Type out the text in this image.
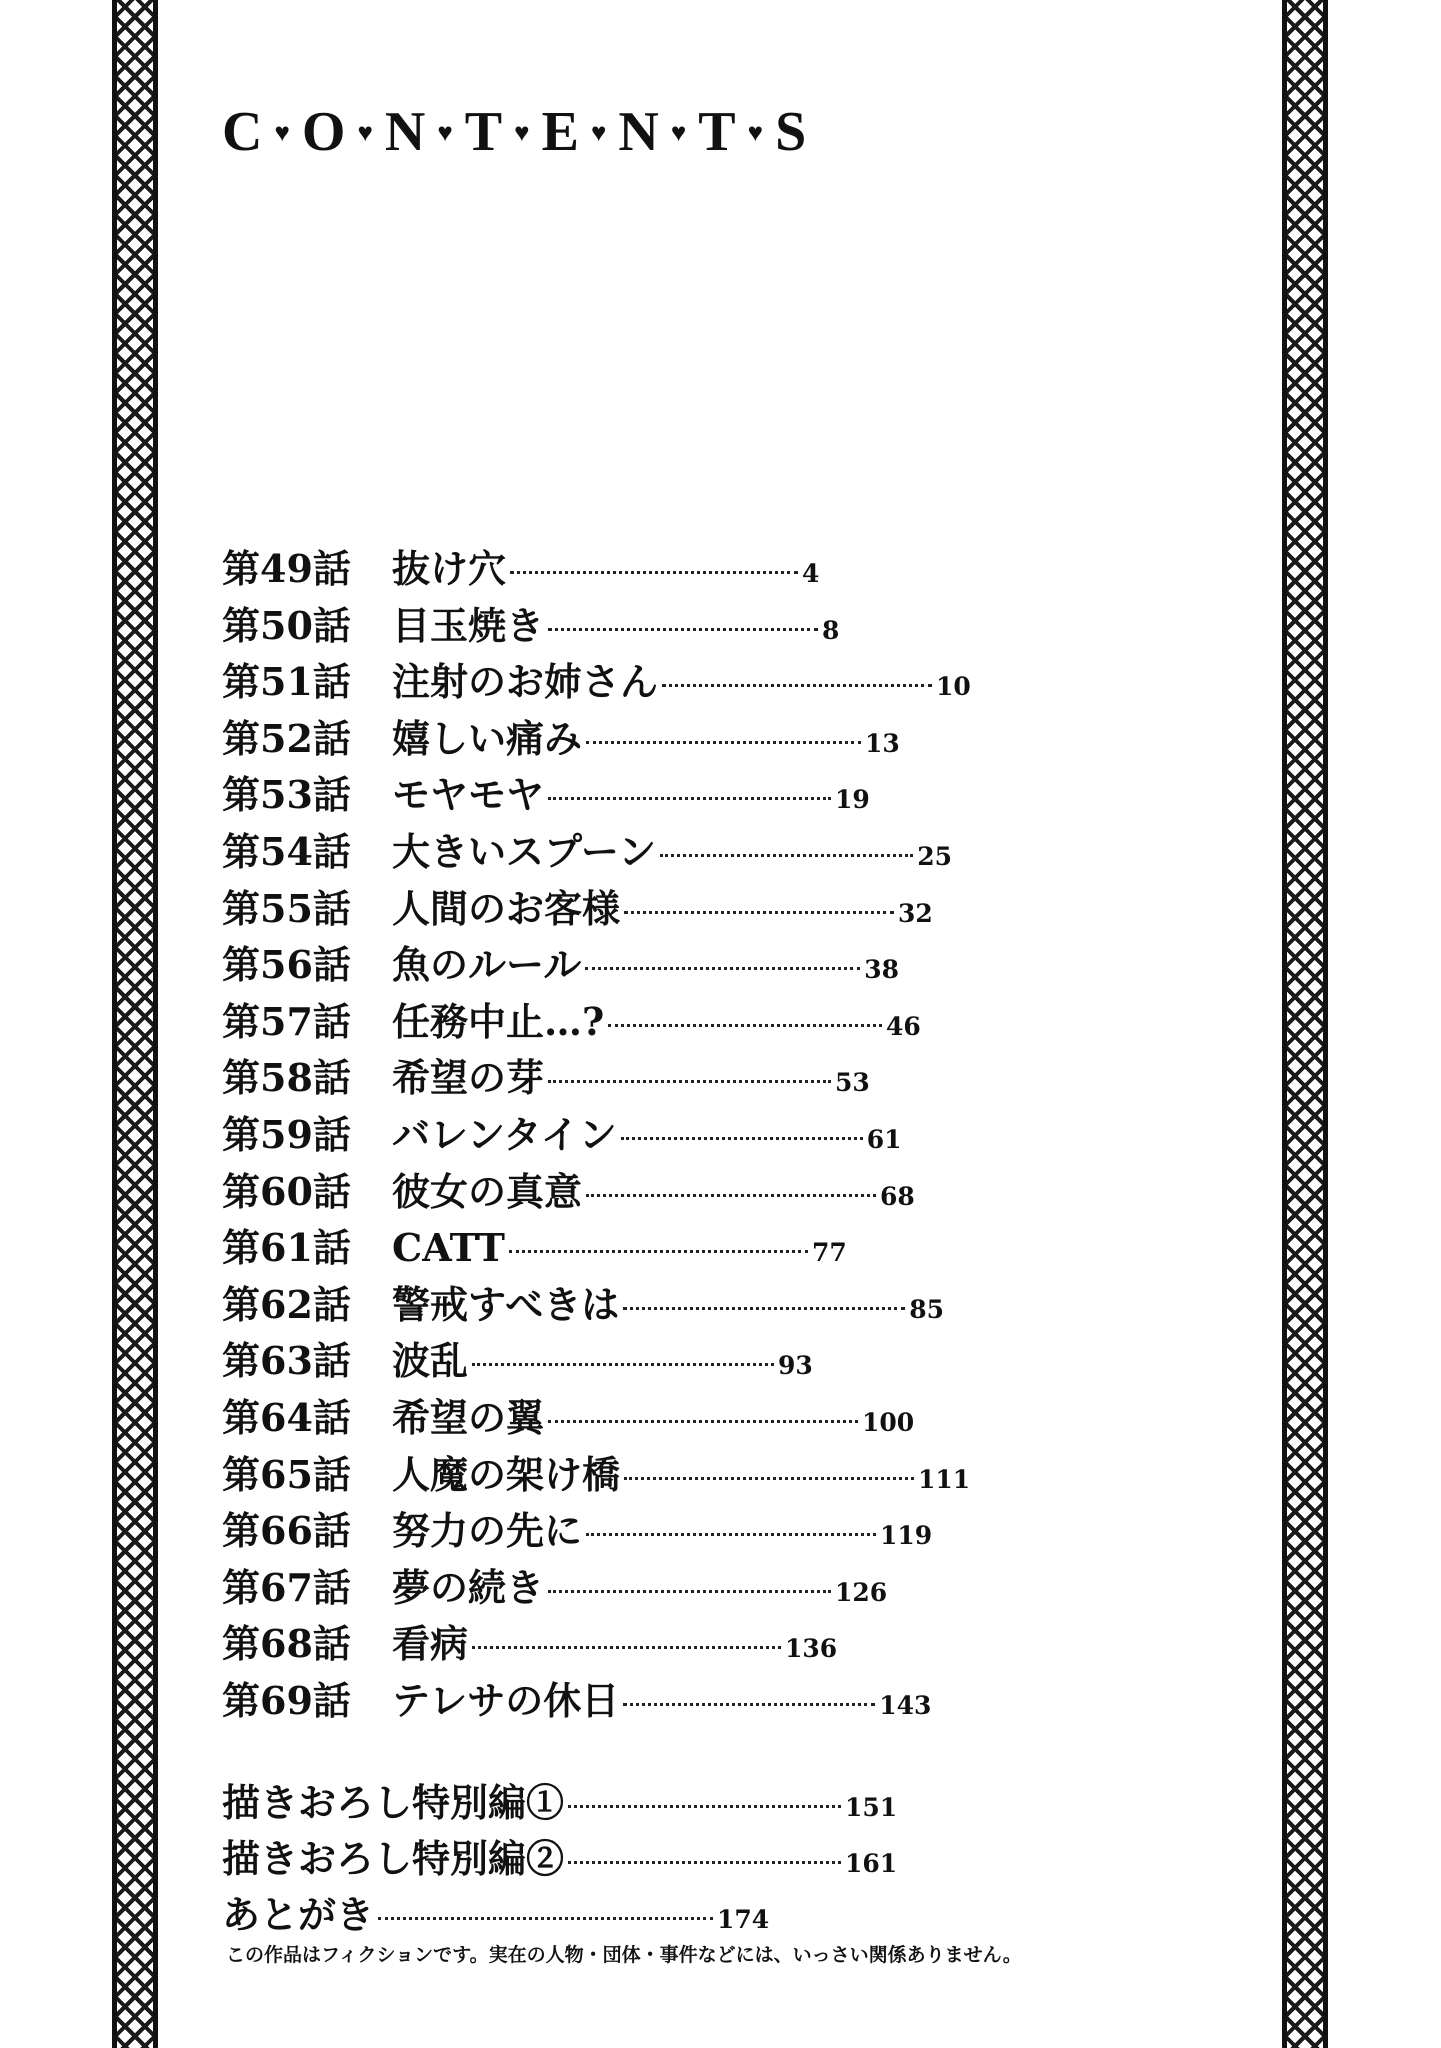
C ♥ O ♥ N ♥ T ♥ E ♥ N ♥ T ♥ S
第49話	抜け穴	4
第50話	目玉焼き	8
第51話	注射のお姉さん	10
第52話	嬉しい痛み	13
第53話	モヤモヤ	19
第54話	大きいスプーン	25
第55話	人間のお客様	32
第56話	魚のルール	38
第57話	任務中止…?	46
第58話	希望の芽	53
第59話	バレンタイン	61
第60話	彼女の真意	68
第61話	CATT	77
第62話	警戒すべきは	85
第63話	波乱	93
第64話	希望の翼	100
第65話	人魔の架け橋	111
第66話	努力の先に	119
第67話	夢の続き	126
第68話	看病	136
第69話	テレサの休日	143
描きおろし特別編①	151
描きおろし特別編②	161
あとがき	174
この作品はフィクションです。実在の人物・団体・事件などには、いっさい関係ありません。
